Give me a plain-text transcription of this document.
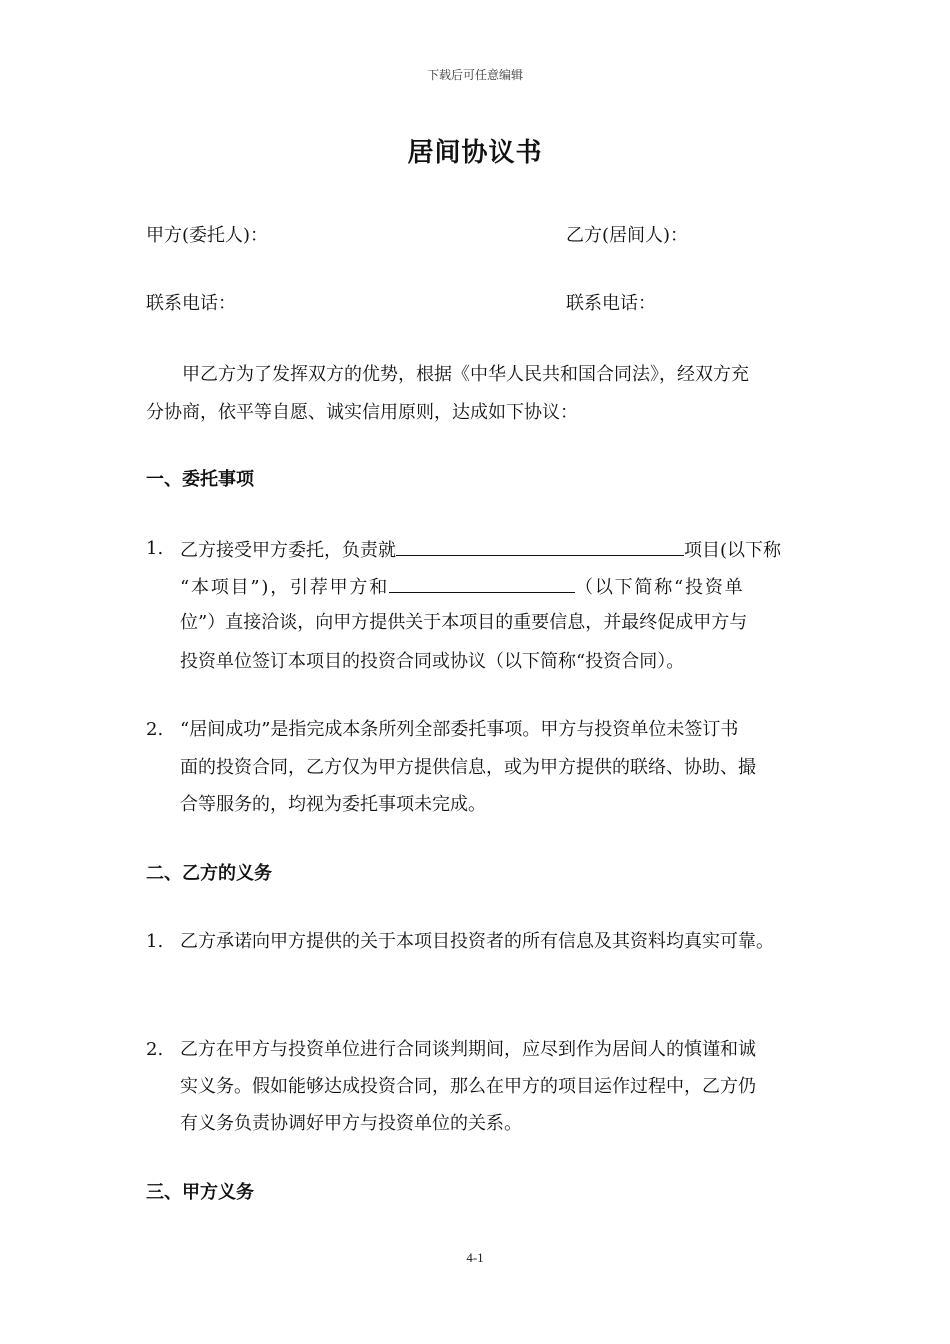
下载后可任意编辑
居间协议书
甲方(委托人)：	乙方(居间人)：
联系电话：	联系电话：
甲乙方为了发挥双方的优势，根据《中华人民共和国合同法》，经双方充
分协商，依平等自愿、诚实信用原则，达成如下协议：
一、委托事项
1. 乙方接受甲方委托，负责就	项目(以下称
“本项目”)，引荐甲方和	（以下简称“投资单
位”）直接洽谈，向甲方提供关于本项目的重要信息，并最终促成甲方与
投资单位签订本项目的投资合同或协议（以下简称“投资合同）。
2. “居间成功”是指完成本条所列全部委托事项。甲方与投资单位未签订书
面的投资合同，乙方仅为甲方提供信息，或为甲方提供的联络、协助、撮
合等服务的，均视为委托事项未完成。
二、乙方的义务
1. 乙方承诺向甲方提供的关于本项目投资者的所有信息及其资料均真实可靠。
2. 乙方在甲方与投资单位进行合同谈判期间，应尽到作为居间人的慎谨和诚
实义务。假如能够达成投资合同，那么在甲方的项目运作过程中，乙方仍
有义务负责协调好甲方与投资单位的关系。
三、甲方义务
4-1
